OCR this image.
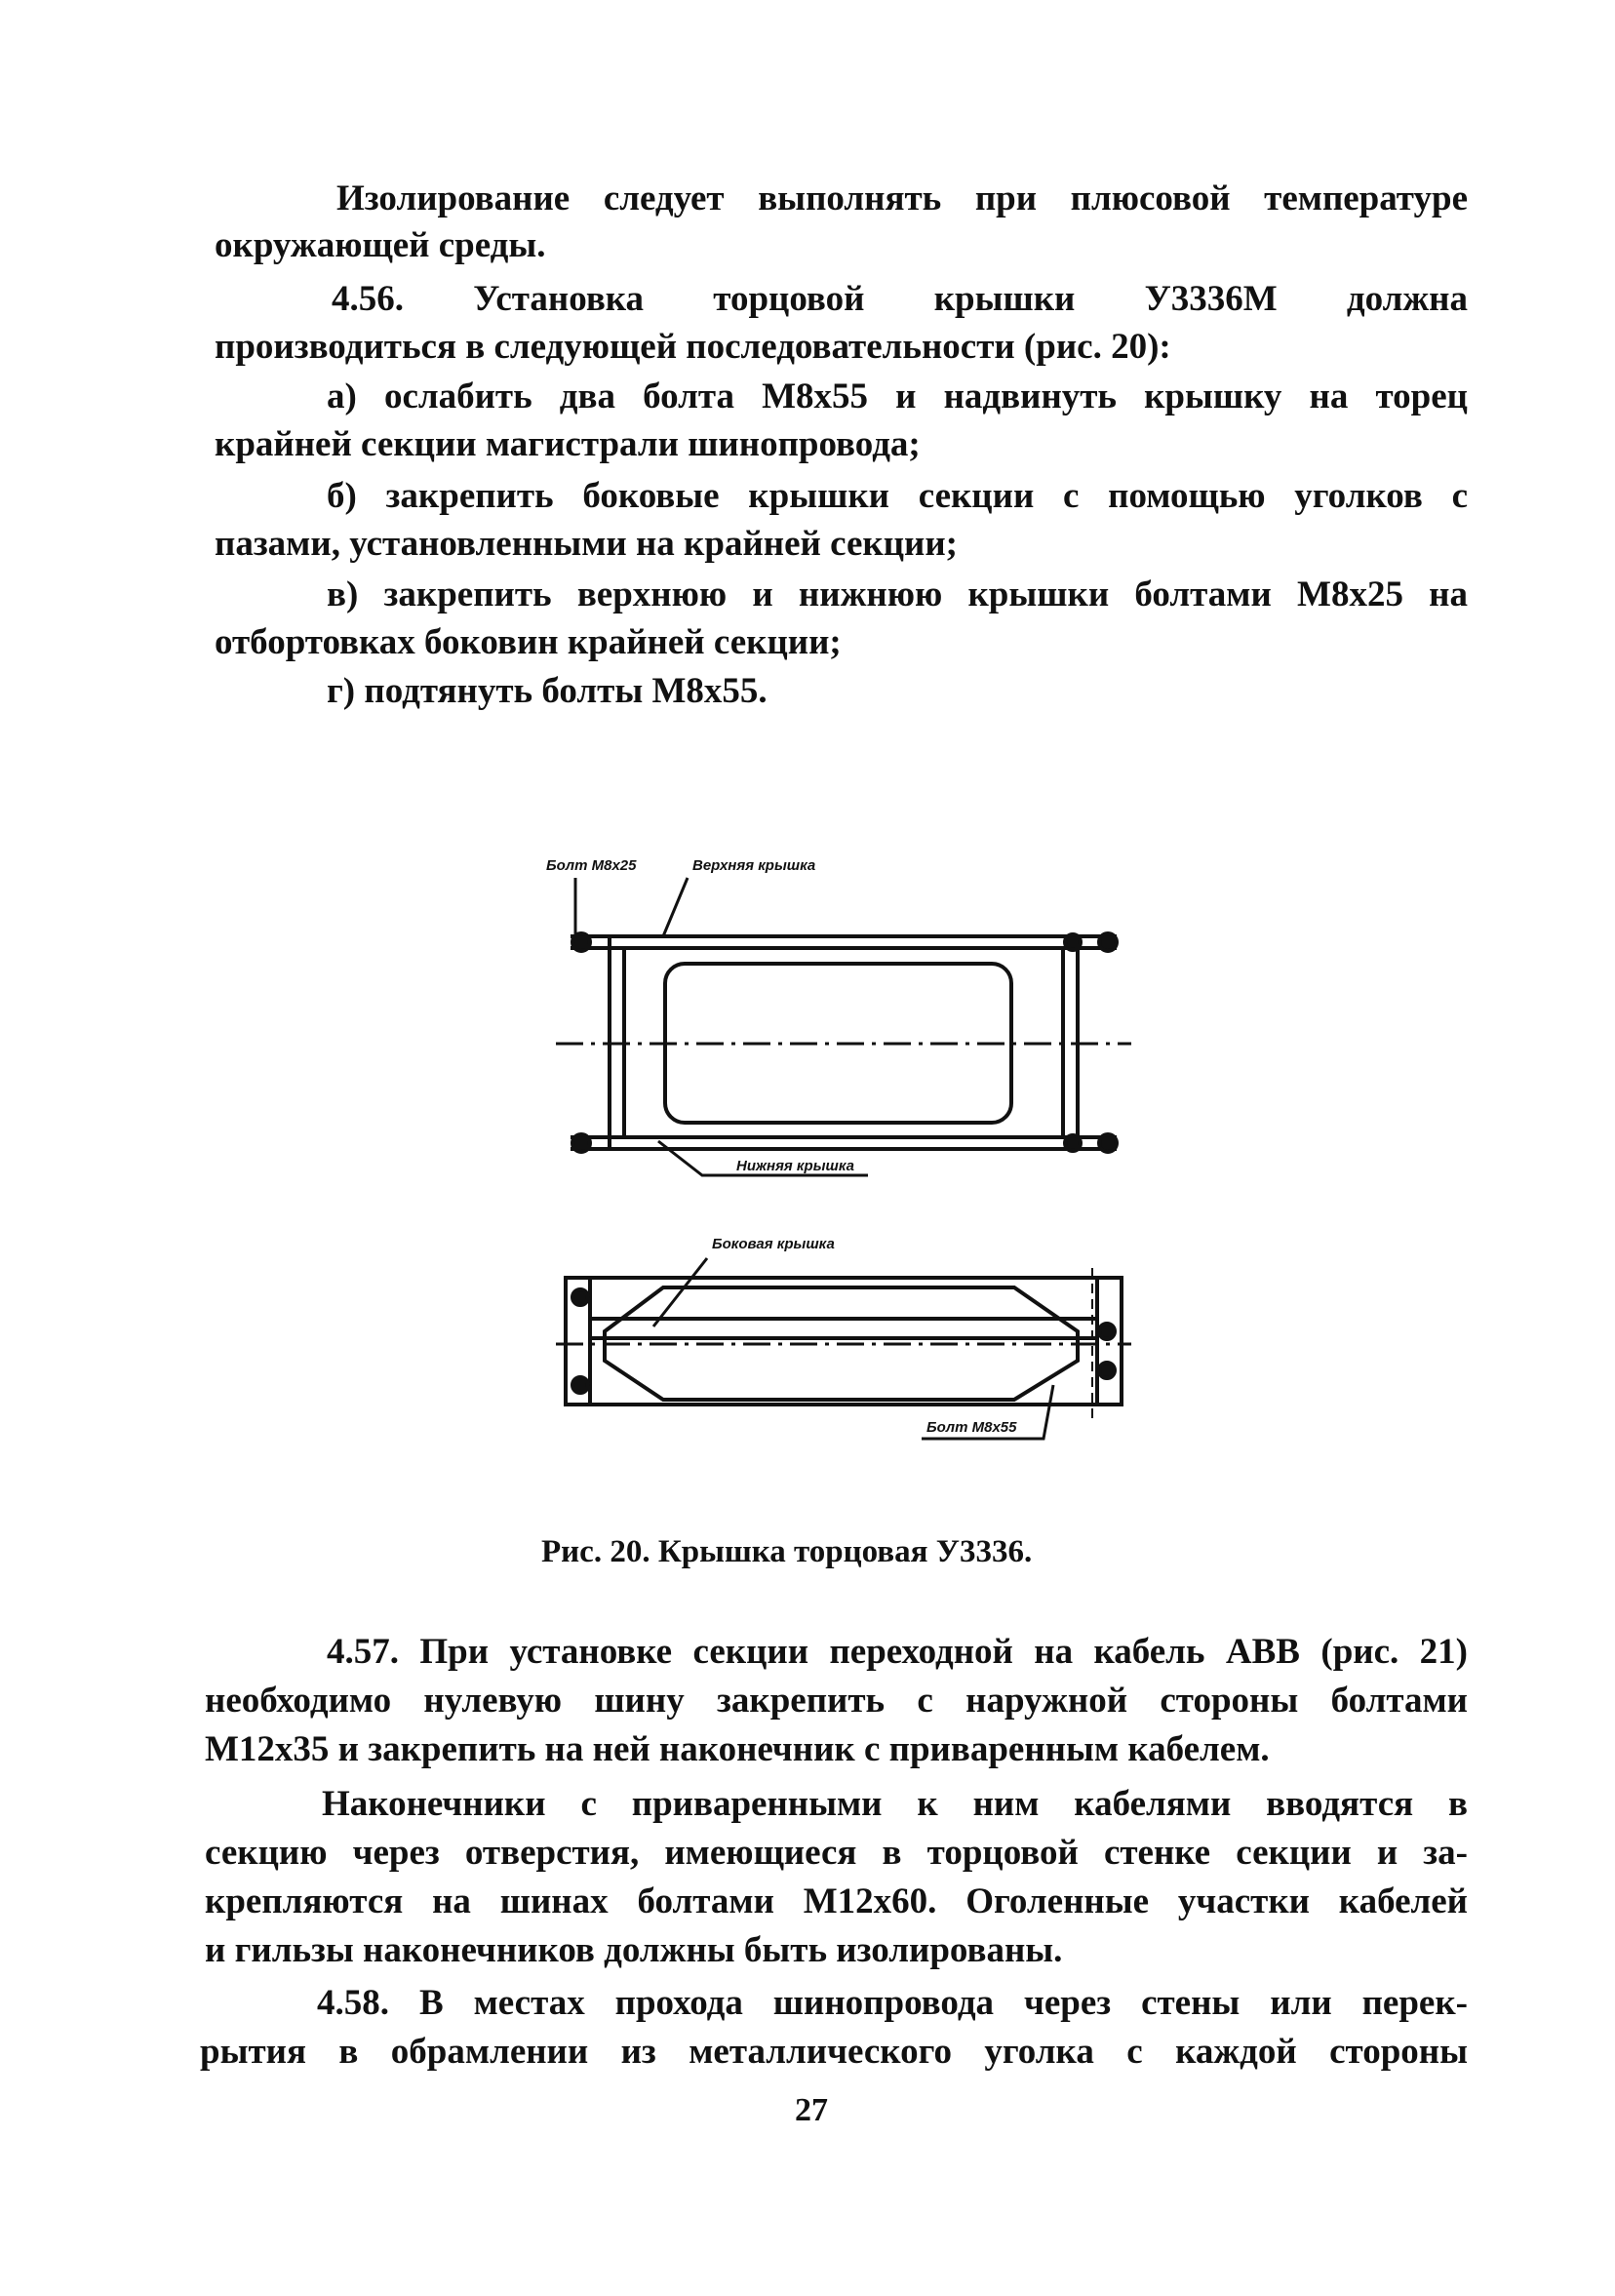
Изолирование следует выполнять при плюсовой температуре
окружающей среды.
4.56. Установка торцовой крышки У3336М должна
производиться в следующей последовательности (рис. 20):
а) ослабить два болта М8х55 и надвинуть крышку на торец
крайней секции магистрали шинопровода;
б) закрепить боковые крышки секции с помощью уголков с
пазами, установленными на крайней секции;
в) закрепить верхнюю и нижнюю крышки болтами М8х25 на
отбортовках боковин крайней секции;
г) подтянуть болты М8х55.
Болт М8х25	Верхняя крышка
Нижняя крышка
Боковая крышка
Болт М8х55
Рис. 20. Крышка торцовая У3336.
4.57. При установке секции переходной на кабель АВВ (рис. 21)
необходимо нулевую шину закрепить с наружной стороны болтами
М12х35 и закрепить на ней наконечник с приваренным кабелем.
Наконечники с приваренными к ним кабелями вводятся в
секцию через отверстия, имеющиеся в торцовой стенке секции и за-
крепляются на шинах болтами М12х60. Оголенные участки кабелей
и гильзы наконечников должны быть изолированы.
4.58. В местах прохода шинопровода через стены или перек-
рытия в обрамлении из металлического уголка с каждой стороны
27
